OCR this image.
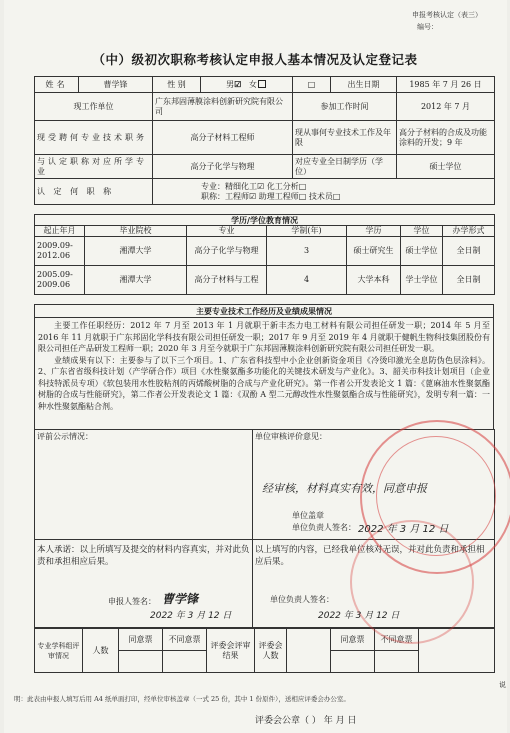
申报考核认定（表三）
编号：
（中）级初次职称考核认定申报人基本情况及认定登记表
姓名	曹学锋	性 别	男☑ 女	□	出生日期	1985 年 7 月 26 日
现工作单位		广东邦固薄膜涂料创新研究院有限公司		参加工作时间		2012 年 7 月
现受聘何专业技术职务		高分子材料工程师		现从事何专业技术工作及年限		高分子材料的合成及功能涂料的开发；9 年
与认定职称对应所学专业		高分子化学与物理		对应专业全日制学历（学位）		硕士学位
认 定 何 职 称		专业：精细化工☑ 化工分析□
职称：工程师☑ 助理工程师□ 技术员□				
学历/学位教育情况						
起止年月	毕业院校	专业	学制(年)	学历	学位	办学形式
2009.09-2012.06	湘潭大学	高分子化学与物理	3	硕士研究生	硕士学位	全日制
2005.09-2009.06	湘潭大学	高分子材料与工程	4	大学本科	学士学位	全日制
主要专业技术工作经历及业绩成果情况

主要工作任职经历：2012 年 7 月至 2013 年 1 月就职于新丰杰力电工材料有限公司担任研发一职；2014 年 5 月至 2016 年 11 月就职于广东邦固化学科技有限公司担任研发一职；2017 年 9 月至 2019 年 4 月就职于健帆生物科技集团股份有限公司担任产品研发工程师一职；2020 年 3 月至今就职于广东邦固薄膜涂料创新研究院有限公司担任研发一职。
业绩成果有以下：主要参与了以下三个项目。1、广东省科技型中小企业创新资金项目《冷烫印激光全息防伪色层涂料》。2、广东省省级科技计划（产学研合作）项目《水性聚氨酯多功能化的关键技术研发与产业化》。3、韶关市科技计划项目（企业科技特派员专项）《软包装用水性胶粘剂的丙烯酸树脂的合成与产业化研究》。第一作者公开发表论文 1 篇：《蓖麻油水性聚氨酯树脂的合成与性能研究》，第二作者公开发表论文 1 篇：《双酚 A 型二元醇改性水性聚氨酯合成与性能研究》，发明专利一篇：一种水性聚氨酯粘合剂。
评前公示情况：	单位审核评价意见：

本人承诺：以上所填写及提交的材料内容真实，并对此负责和承担相应后果。	以上填写的内容，已经我单位核对无误，并对此负责和承担相应后果。
专业学科组评审情况	人数	同意票	不同意票	评委会评审结果	评委会人数		同意票	不同意票	

经审核，材料真实有效，同意申报
单位盖章
单位负责人签名： 2022 年 3 月 12 日
申报人签名： 曹学锋
2022 年 3 月 12 日
单位负责人签名：
2022 年 3 月 12 日
明：此表由申报人填写后用 A4 纸单面打印，经单位审核盖章（一式 25 份，其中 1 份原件），送相应评委会办公室。
说
评委会公章（ ） 年 月 日
